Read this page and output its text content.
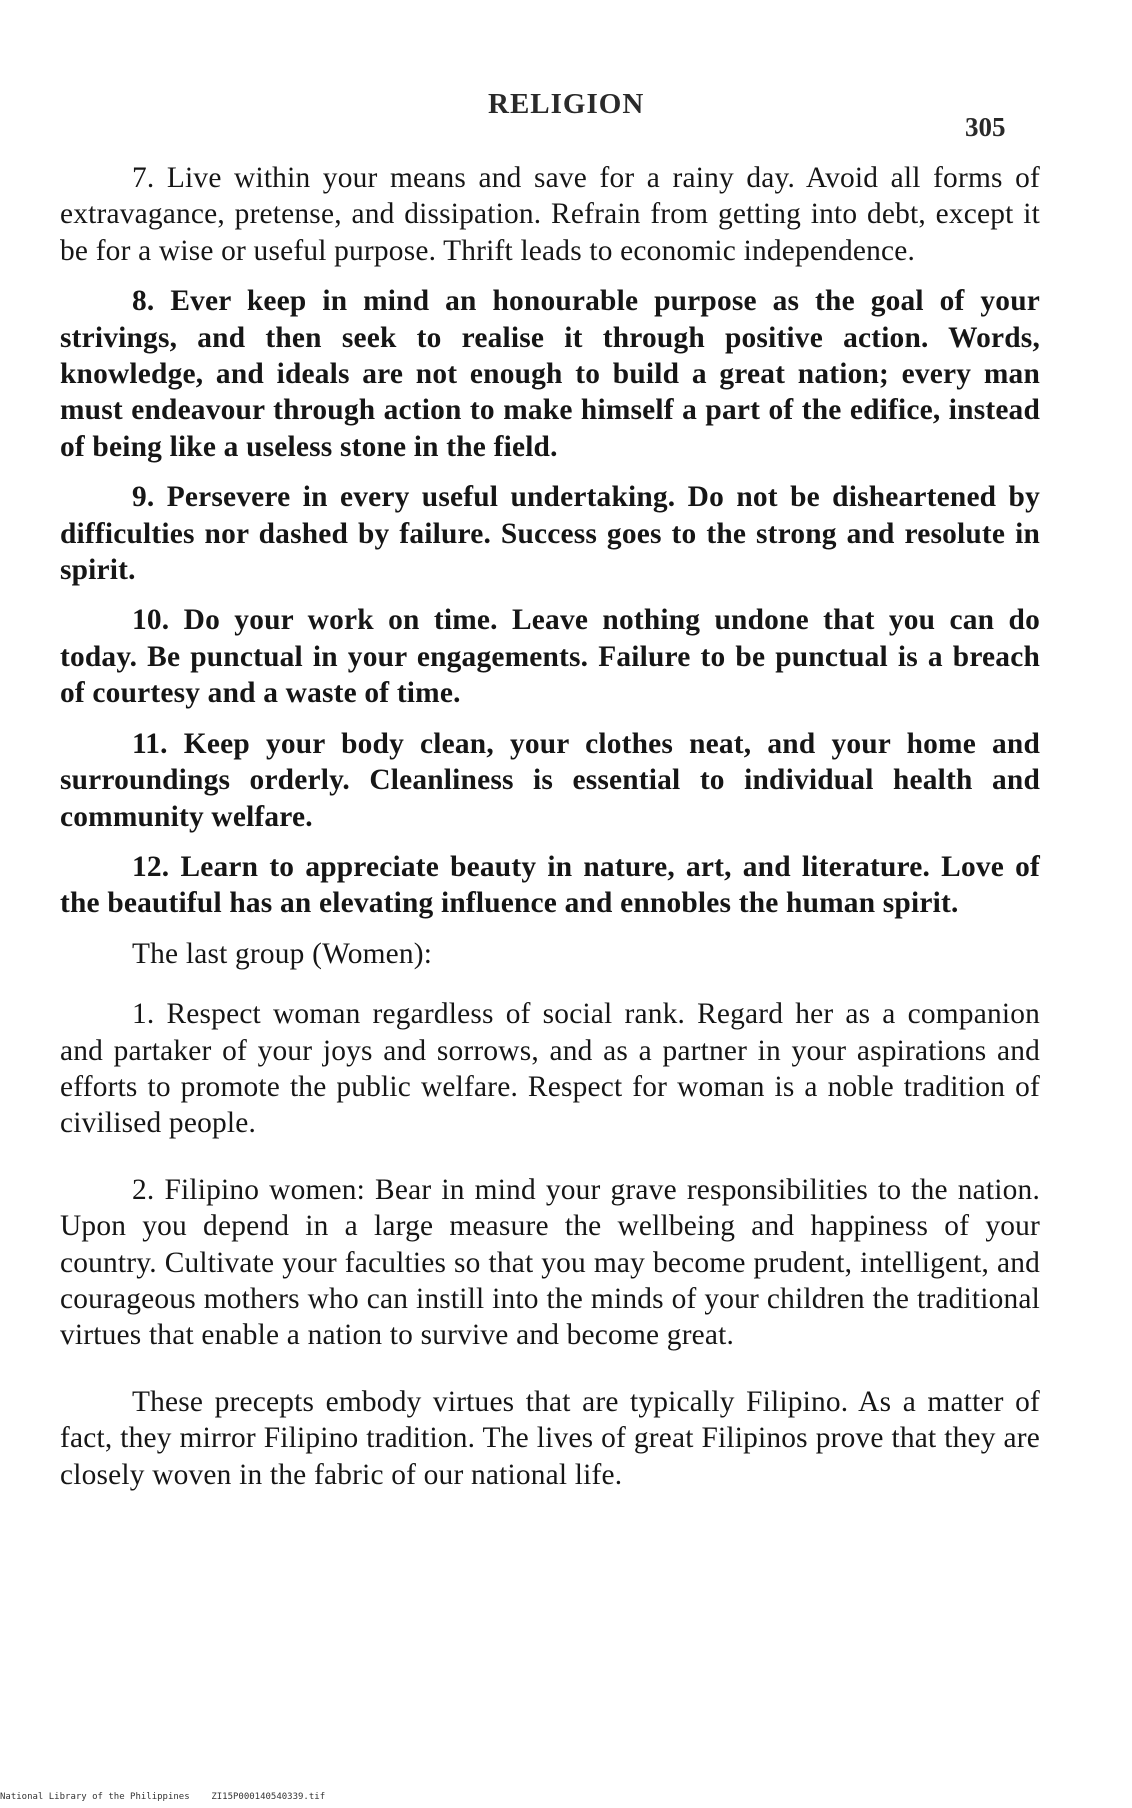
RELIGION
305

7. Live within your means and save for a rainy day. Avoid all forms of extravagance, pretense, and dissipation. Refrain from getting into debt, except it be for a wise or useful purpose. Thrift leads to economic independence.

8. Ever keep in mind an honourable purpose as the goal of your strivings, and then seek to realise it through positive action. Words, knowledge, and ideals are not enough to build a great nation; every man must endeavour through action to make himself a part of the edifice, instead of being like a useless stone in the field.

9. Persevere in every useful undertaking. Do not be disheartened by difficulties nor dashed by failure. Success goes to the strong and resolute in spirit.

10. Do your work on time. Leave nothing undone that you can do today. Be punctual in your engagements. Failure to be punctual is a breach of courtesy and a waste of time.

11. Keep your body clean, your clothes neat, and your home and surroundings orderly. Cleanliness is essential to individual health and community welfare.

12. Learn to appreciate beauty in nature, art, and literature. Love of the beautiful has an elevating influence and ennobles the human spirit.

The last group (Women):

1. Respect woman regardless of social rank. Regard her as a companion and partaker of your joys and sorrows, and as a partner in your aspirations and efforts to promote the public welfare. Respect for woman is a noble tradition of civilised people.

2. Filipino women: Bear in mind your grave responsibilities to the nation. Upon you depend in a large measure the wellbeing and happiness of your country. Cultivate your faculties so that you may become prudent, intelligent, and courageous mothers who can instill into the minds of your children the traditional virtues that enable a nation to survive and become great.

These precepts embody virtues that are typically Filipino. As a matter of fact, they mirror Filipino tradition. The lives of great Filipinos prove that they are closely woven in the fabric of our national life.

National Library of the Philippines    ZI15P000140540339.tif
